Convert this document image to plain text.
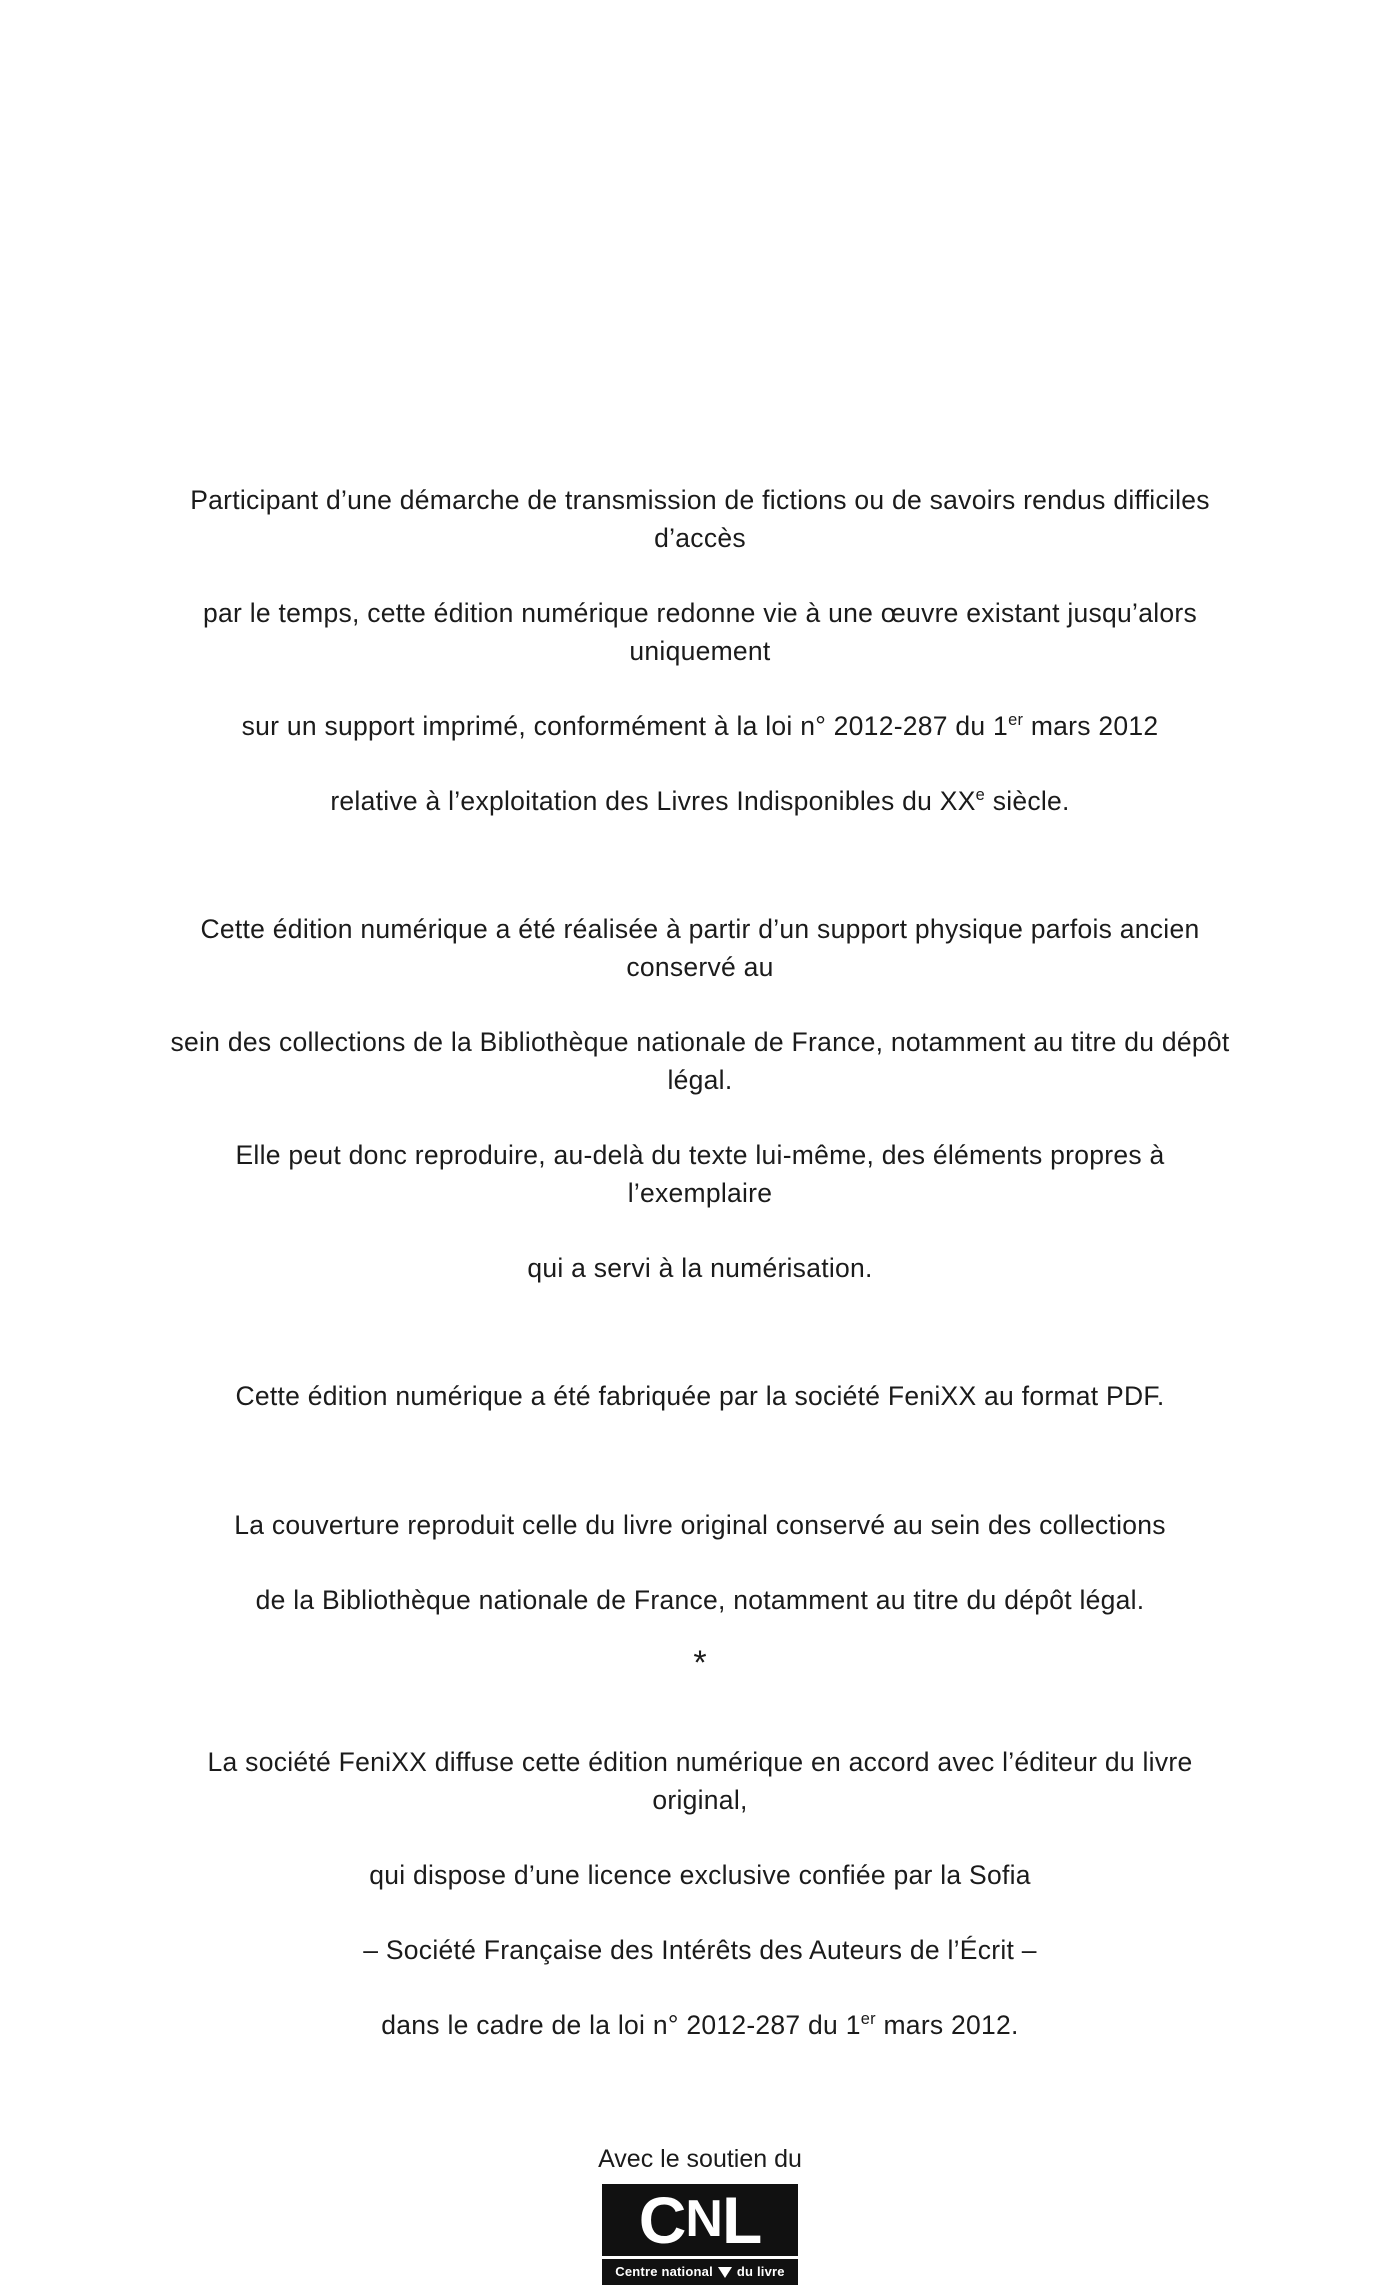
Participant d’une démarche de transmission de fictions ou de savoirs rendus difficiles d’accès

par le temps, cette édition numérique redonne vie à une œuvre existant jusqu’alors uniquement

sur un support imprimé, conformément à la loi n° 2012-287 du 1er mars 2012

relative à l’exploitation des Livres Indisponibles du XXe siècle.

Cette édition numérique a été réalisée à partir d’un support physique parfois ancien conservé au

sein des collections de la Bibliothèque nationale de France, notamment au titre du dépôt légal.

Elle peut donc reproduire, au-delà du texte lui-même, des éléments propres à l’exemplaire

qui a servi à la numérisation.

Cette édition numérique a été fabriquée par la société FeniXX au format PDF.

La couverture reproduit celle du livre original conservé au sein des collections

de la Bibliothèque nationale de France, notamment au titre du dépôt légal.

*

La société FeniXX diffuse cette édition numérique en accord avec l’éditeur du livre original,

qui dispose d’une licence exclusive confiée par la Sofia

– Société Française des Intérêts des Auteurs de l’Écrit –

dans le cadre de la loi n° 2012-287 du 1er mars 2012.

Avec le soutien du
C N L
Centre national du livre
